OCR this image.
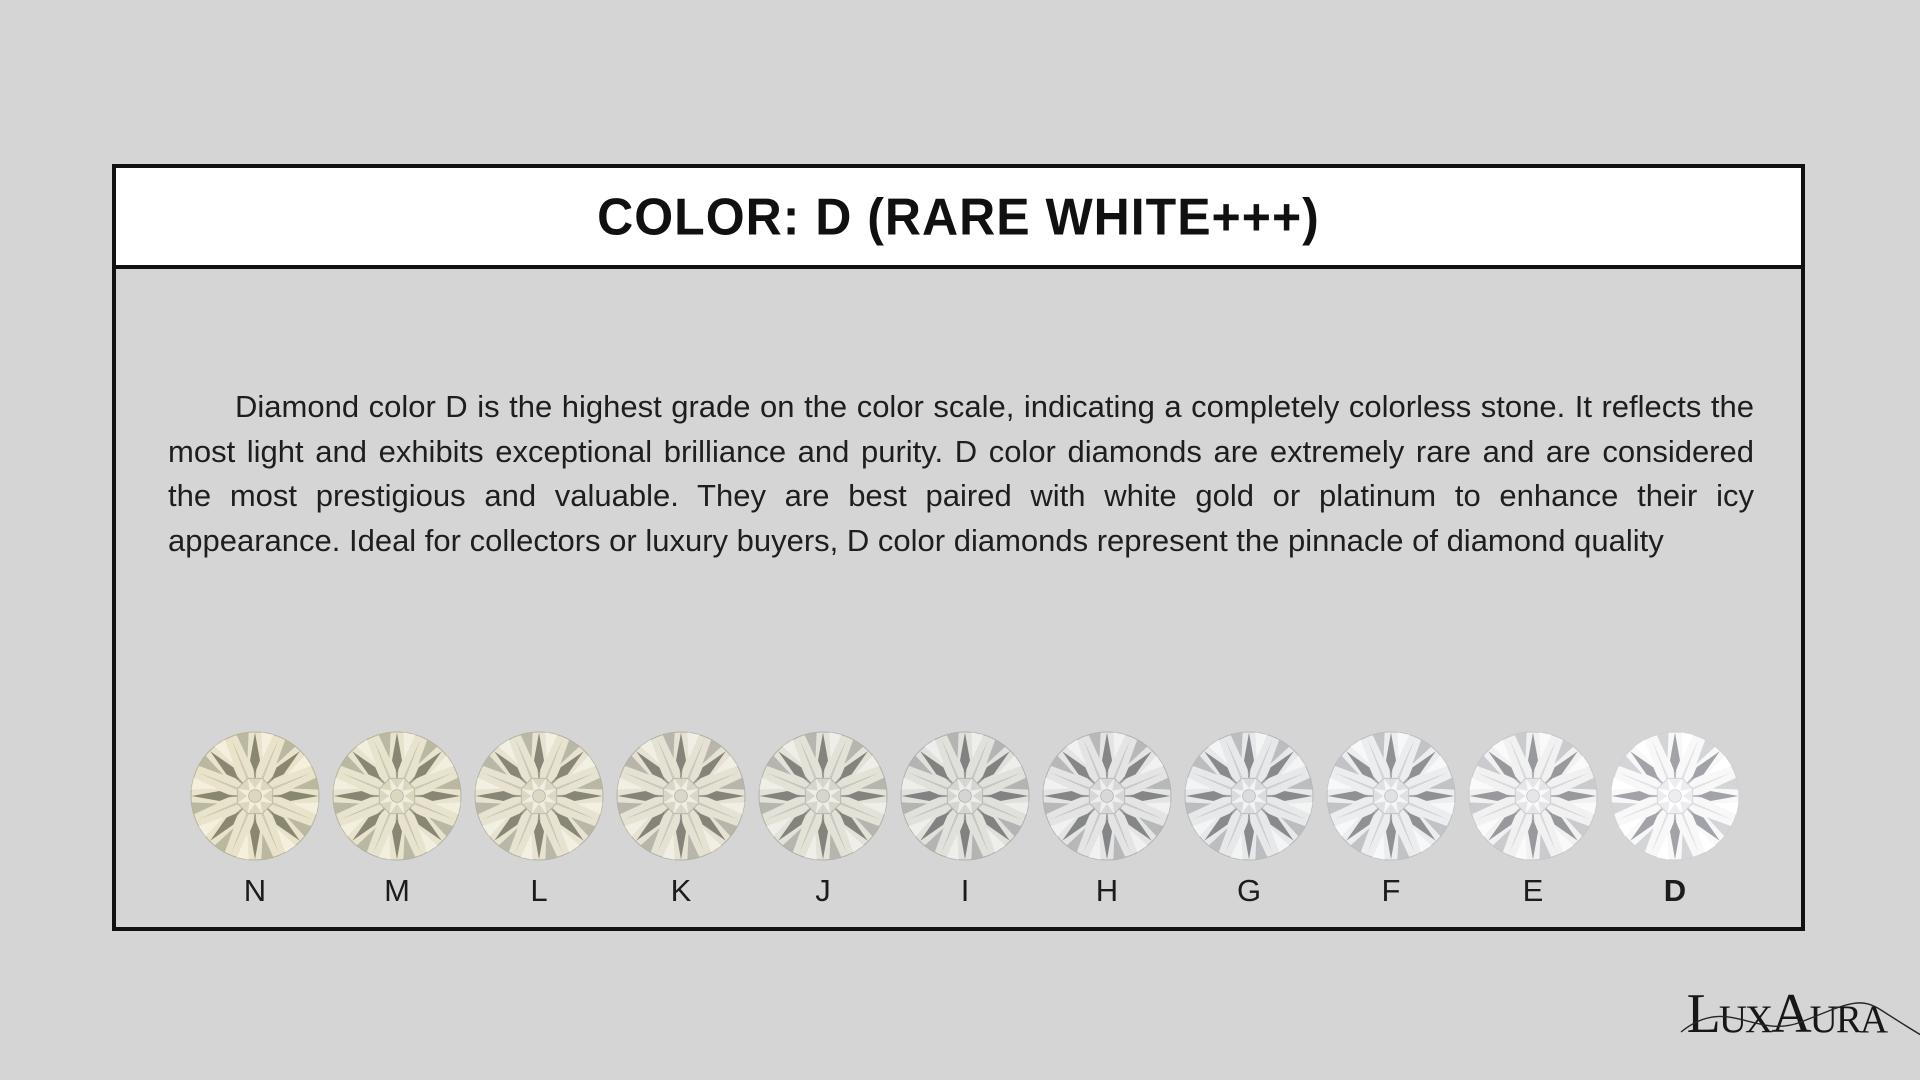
COLOR: D (RARE WHITE+++)

Diamond color D is the highest grade on the color scale, indicating a completely colorless stone. It reflects the most light and exhibits exceptional brilliance and purity. D color diamonds are extremely rare and are considered the most prestigious and valuable. They are best paired with white gold or platinum to enhance their icy appearance. Ideal for collectors or luxury buyers, D color diamonds represent the pinnacle of diamond quality

N	M	L	K	J	I	H	G	F	E	D
LuxAura
